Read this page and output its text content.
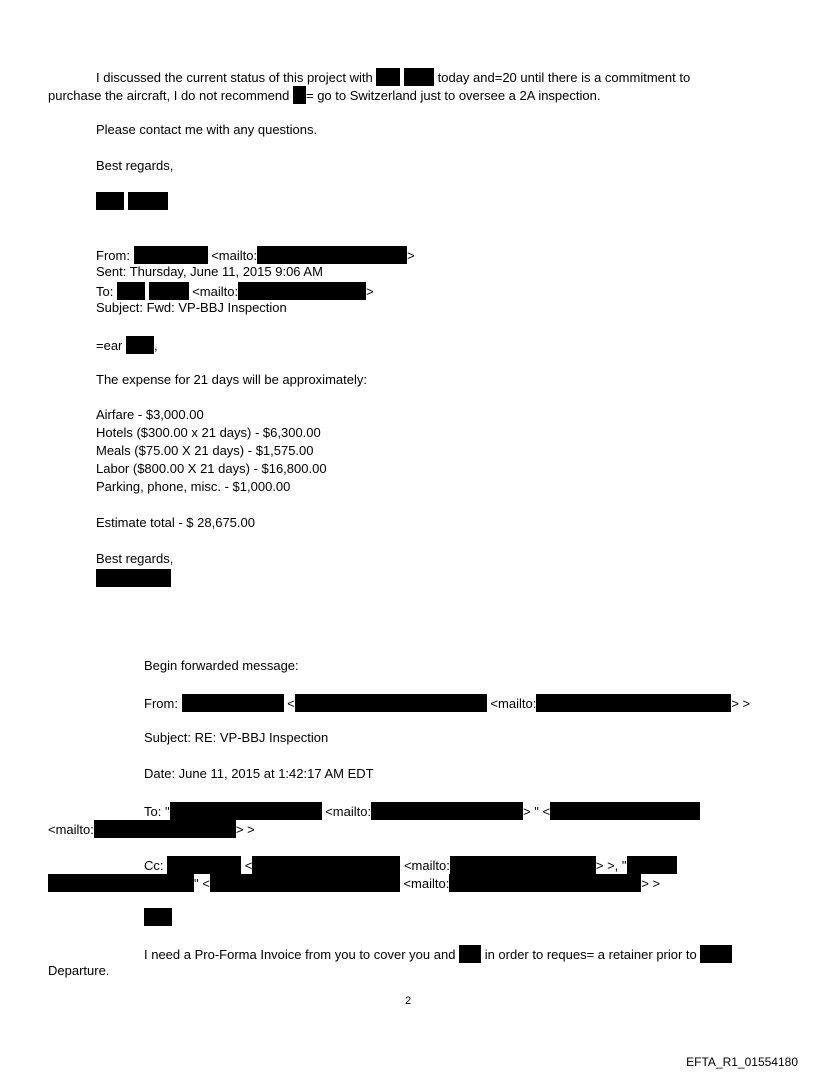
I discussed the current status of this project with	today and=20 until there is a commitment to
purchase the aircraft, I do not recommend = go to Switzerland just to oversee a 2A inspection.
Please contact me with any questions.
Best regards,

From:	<mailto:	>
Sent: Thursday, June 11, 2015 9:06 AM
To:	<mailto:	>
Subject: Fwd: VP-BBJ Inspection
=ear ,
The expense for 21 days will be approximately:
Airfare - $3,000.00
Hotels ($300.00 x 21 days) - $6,300.00
Meals ($75.00 X 21 days) - $1,575.00
Labor ($800.00 X 21 days) - $16,800.00
Parking, phone, misc. - $1,000.00
Estimate total - $ 28,675.00
Best regards,
Begin forwarded message:
From:	<	<mailto:	> >
Subject: RE: VP-BBJ Inspection
Date: June 11, 2015 at 1:42:17 AM EDT
To: "	<mailto:	> " <
<mailto:	> >
Cc:	<	<mailto:	> >, "
" <	<mailto:	> >
I need a Pro-Forma Invoice from you to cover you and in order to reques= a retainer prior to
Departure.
2
EFTA_R1_01554180
